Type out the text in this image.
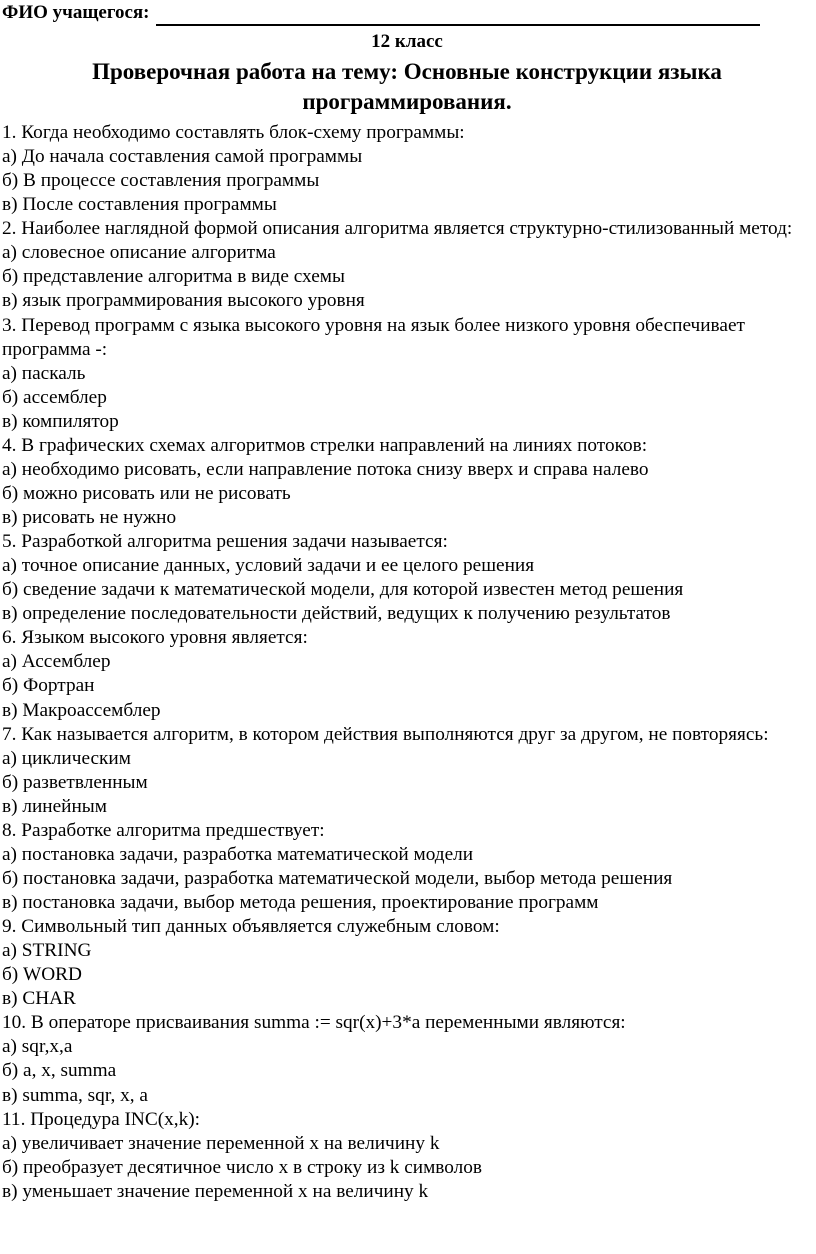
ФИО учащегося:
12 класс
Проверочная работа на тему: Основные конструкции языка программирования.
1. Когда необходимо составлять блок-схему программы:
а) До начала составления самой программы
б) В процессе составления программы
в) После составления программы
2. Наиболее наглядной формой описания алгоритма является структурно-стилизованный метод:
а) словесное описание алгоритма
б) представление алгоритма в виде схемы
в) язык программирования высокого уровня
3. Перевод программ с языка высокого уровня на язык более низкого уровня обеспечивает программа -:
а) паскаль
б) ассемблер
в) компилятор
4. В графических схемах алгоритмов стрелки направлений на линиях потоков:
а) необходимо рисовать, если направление потока снизу вверх и справа налево
б) можно рисовать или не рисовать
в) рисовать не нужно
5. Разработкой алгоритма решения задачи называется:
а) точное описание данных, условий задачи и ее целого решения
б) сведение задачи к математической модели, для которой известен метод решения
в) определение последовательности действий, ведущих к получению результатов
6. Языком высокого уровня является:
а) Ассемблер
б) Фортран
в) Макроассемблер
7. Как называется алгоритм, в котором действия выполняются друг за другом, не повторяясь:
а) циклическим
б) разветвленным
в) линейным
8. Разработке алгоритма предшествует:
а) постановка задачи, разработка математической модели
б) постановка задачи, разработка математической модели, выбор метода решения
в) постановка задачи, выбор метода решения, проектирование программ
9. Символьный тип данных объявляется служебным словом:
а) STRING
б) WORD
в) CHAR
10. В операторе присваивания summa := sqr(x)+3*a переменными являются:
а) sqr,x,a
б) a, x, summa
в) summa, sqr, x, a
11. Процедура INC(x,k):
а) увеличивает значение переменной x на величину k
б) преобразует десятичное число x в строку из k символов
в) уменьшает значение переменной x на величину k
